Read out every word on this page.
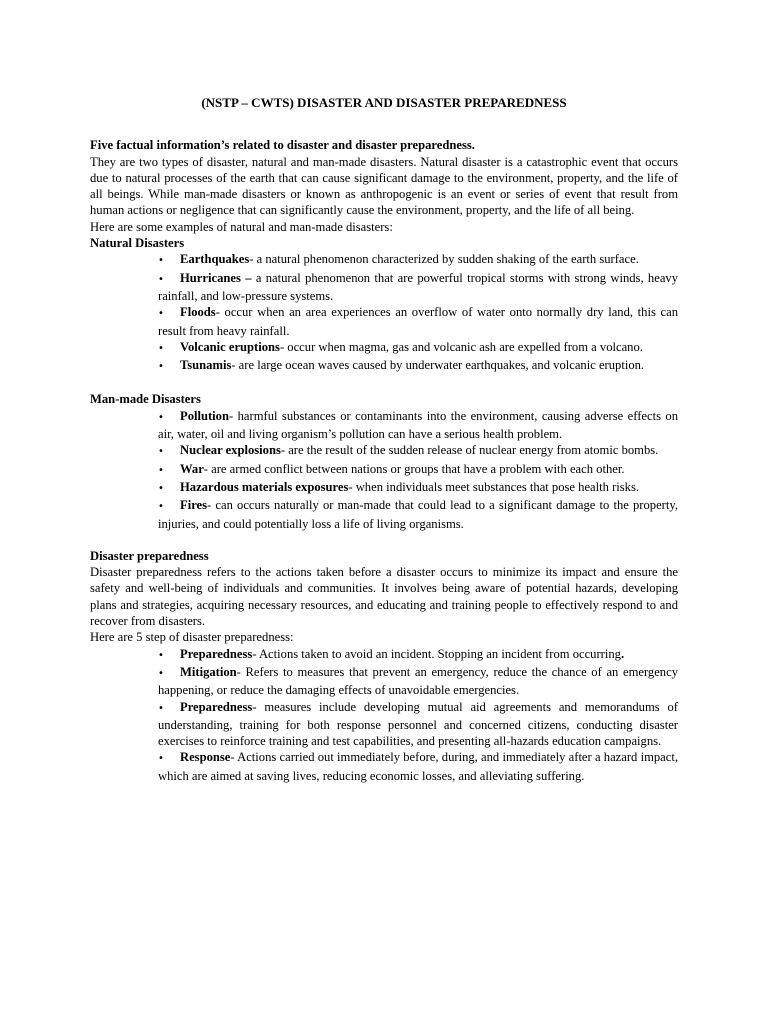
(NSTP – CWTS) DISASTER AND DISASTER PREPAREDNESS

Five factual information’s related to disaster and disaster preparedness.

They are two types of disaster, natural and man-made disasters. Natural disaster is a catastrophic event that occurs due to natural processes of the earth that can cause significant damage to the environment, property, and the life of all beings. While man-made disasters or known as anthropogenic is an event or series of event that result from human actions or negligence that can significantly cause the environment, property, and the life of all being.

Here are some examples of natural and man-made disasters:

Natural Disasters

•Earthquakes- a natural phenomenon characterized by sudden shaking of the earth surface.
•Hurricanes – a natural phenomenon that are powerful tropical storms with strong winds, heavy rainfall, and low-pressure systems.
•Floods- occur when an area experiences an overflow of water onto normally dry land, this can result from heavy rainfall.
•Volcanic eruptions- occur when magma, gas and volcanic ash are expelled from a volcano.
•Tsunamis- are large ocean waves caused by underwater earthquakes, and volcanic eruption.

Man-made Disasters

•Pollution- harmful substances or contaminants into the environment, causing adverse effects on air, water, oil and living organism’s pollution can have a serious health problem.
•Nuclear explosions- are the result of the sudden release of nuclear energy from atomic bombs.
•War- are armed conflict between nations or groups that have a problem with each other.
•Hazardous materials exposures- when individuals meet substances that pose health risks.
•Fires- can occurs naturally or man-made that could lead to a significant damage to the property, injuries, and could potentially loss a life of living organisms.

Disaster preparedness

Disaster preparedness refers to the actions taken before a disaster occurs to minimize its impact and ensure the safety and well-being of individuals and communities. It involves being aware of potential hazards, developing plans and strategies, acquiring necessary resources, and educating and training people to effectively respond to and recover from disasters.

Here are 5 step of disaster preparedness:

•Preparedness- Actions taken to avoid an incident. Stopping an incident from occurring.
•Mitigation- Refers to measures that prevent an emergency, reduce the chance of an emergency happening, or reduce the damaging effects of unavoidable emergencies.
•Preparedness- measures include developing mutual aid agreements and memorandums of understanding, training for both response personnel and concerned citizens, conducting disaster exercises to reinforce training and test capabilities, and presenting all-hazards education campaigns.
•Response- Actions carried out immediately before, during, and immediately after a hazard impact, which are aimed at saving lives, reducing economic losses, and alleviating suffering.
